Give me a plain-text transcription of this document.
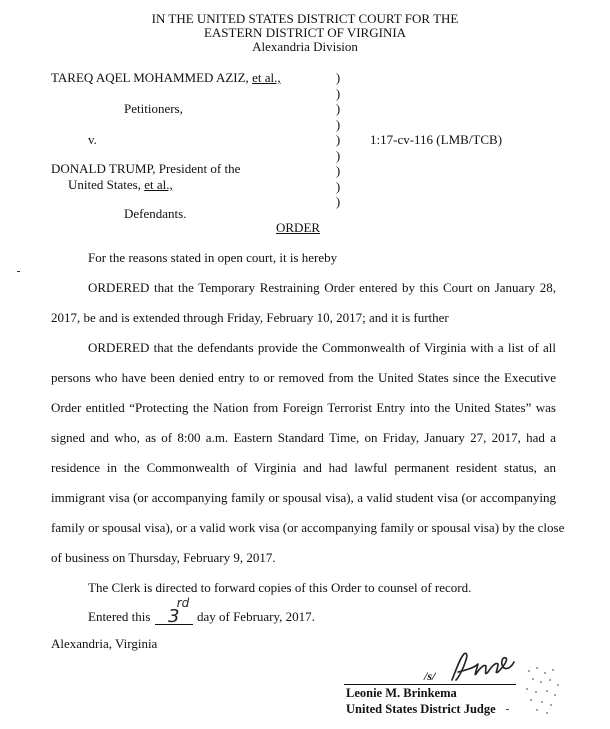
IN THE UNITED STATES DISTRICT COURT FOR THE
EASTERN DISTRICT OF VIRGINIA
Alexandria Division
TAREQ AQEL MOHAMMED AZIZ, et al.,
Petitioners,
v.
DONALD TRUMP, President of the
United States, et al.,
Defendants.
)
)
)
)
)
)
)
)
)
1:17-cv-116 (LMB/TCB)
ORDER
For the reasons stated in open court, it is hereby
ORDERED that the Temporary Restraining Order entered by this Court on January 28,
2017, be and is extended through Friday, February 10, 2017; and it is further
ORDERED that the defendants provide the Commonwealth of Virginia with a list of all
persons who have been denied entry to or removed from the United States since the Executive
Order entitled “Protecting the Nation from Foreign Terrorist Entry into the United States” was
signed and who, as of 8:00 a.m. Eastern Standard Time, on Friday, January 27, 2017, had a
residence in the Commonwealth of Virginia and had lawful permanent resident status, an
immigrant visa (or accompanying family or spousal visa), a valid student visa (or accompanying
family or spousal visa), or a valid work visa (or accompanying family or spousal visa) by the close
of business on Thursday, February 9, 2017.
The Clerk is directed to forward copies of this Order to counsel of record.
Entered this 3
rd
day of February, 2017.
Alexandria, Virginia
/s/
Leonie M. Brinkema
United States District Judge
